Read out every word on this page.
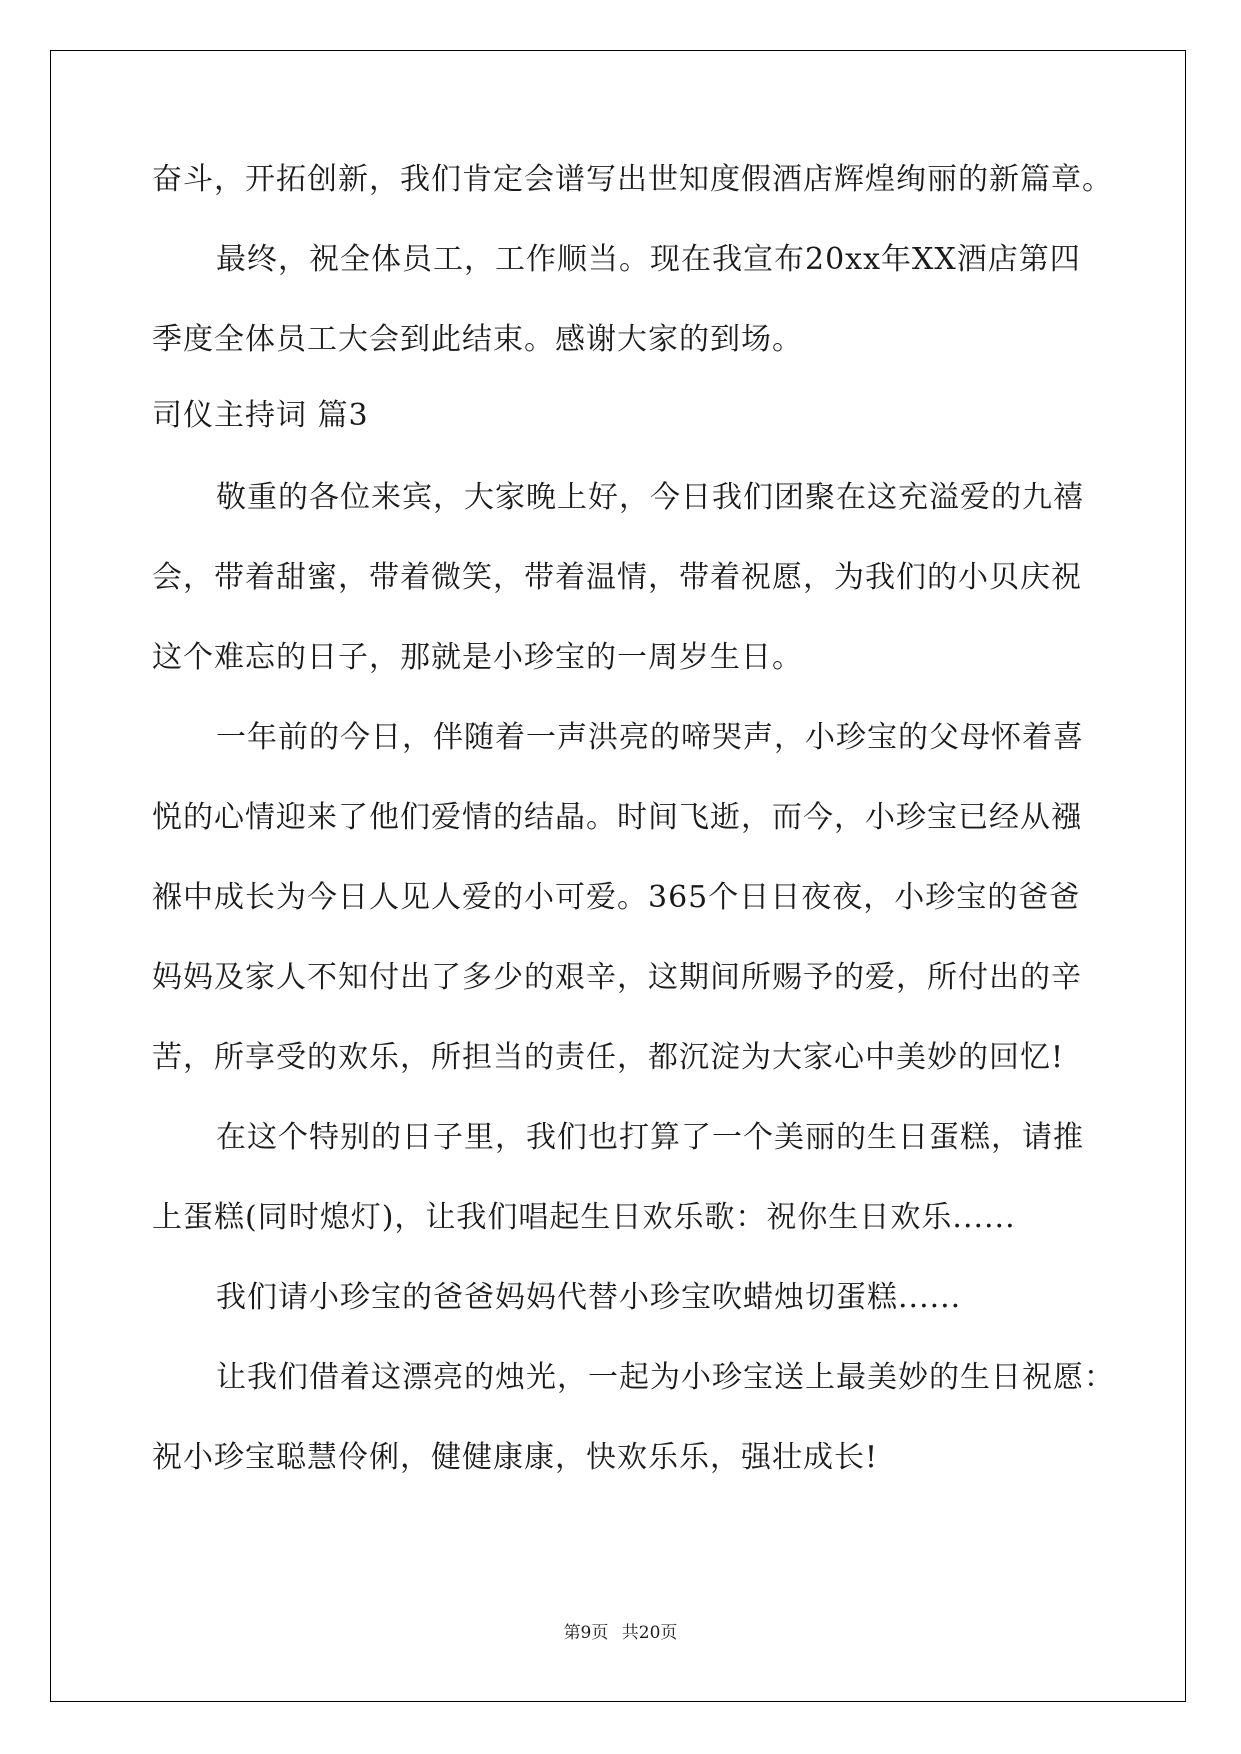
奋斗，开拓创新，我们肯定会谱写出世知度假酒店辉煌绚丽的新篇章。

最终，祝全体员工，工作顺当。现在我宣布20xx年XX酒店第四

季度全体员工大会到此结束。感谢大家的到场。

司仪主持词 篇3

敬重的各位来宾，大家晚上好，今日我们团聚在这充溢爱的九禧

会，带着甜蜜，带着微笑，带着温情，带着祝愿，为我们的小贝庆祝

这个难忘的日子，那就是小珍宝的一周岁生日。

一年前的今日，伴随着一声洪亮的啼哭声，小珍宝的父母怀着喜

悦的心情迎来了他们爱情的结晶。时间飞逝，而今，小珍宝已经从襁

褓中成长为今日人见人爱的小可爱。365个日日夜夜，小珍宝的爸爸

妈妈及家人不知付出了多少的艰辛，这期间所赐予的爱，所付出的辛

苦，所享受的欢乐，所担当的责任，都沉淀为大家心中美妙的回忆!

在这个特别的日子里，我们也打算了一个美丽的生日蛋糕，请推

上蛋糕(同时熄灯)，让我们唱起生日欢乐歌：祝你生日欢乐......

我们请小珍宝的爸爸妈妈代替小珍宝吹蜡烛切蛋糕......

让我们借着这漂亮的烛光，一起为小珍宝送上最美妙的生日祝愿：

祝小珍宝聪慧伶俐，健健康康，快欢乐乐，强壮成长!

第9页 共20页
